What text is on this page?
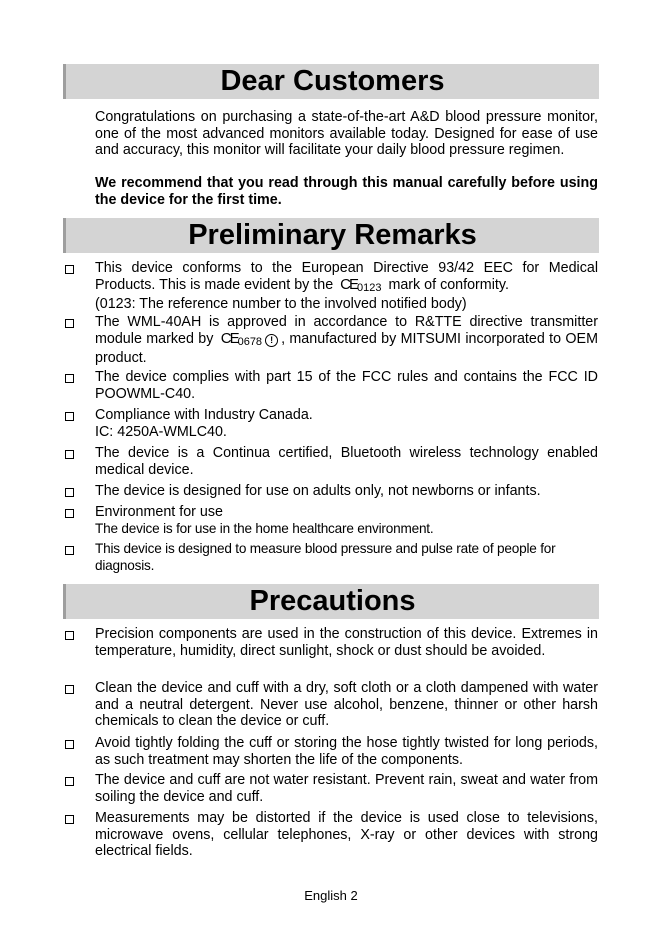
Dear Customers
Congratulations on purchasing a state-of-the-art A&D blood pressure monitor, one of the most advanced monitors available today. Designed for ease of use and accuracy, this monitor will facilitate your daily blood pressure regimen.
We recommend that you read through this manual carefully before using the device for the first time.
Preliminary Remarks
This device conforms to the European Directive 93/42 EEC for Medical Products. This is made evident by the $CE_{0123}$ mark of conformity.
(0123: The reference number to the involved notified body)
The WML-40AH is approved in accordance to R&TTE directive transmitter module marked by $CE_{0678}$ ! , manufactured by MITSUMI incorporated to OEM product.
The device complies with part 15 of the FCC rules and contains the FCC ID POOWML-C40.
Compliance with Industry Canada.
IC: 4250A-WMLC40.
The device is a Continua certified, Bluetooth wireless technology enabled medical device.
The device is designed for use on adults only, not newborns or infants.
Environment for use
The device is for use in the home healthcare environment.
This device is designed to measure blood pressure and pulse rate of people for diagnosis.
Precautions
Precision components are used in the construction of this device. Extremes in temperature, humidity, direct sunlight, shock or dust should be avoided.
Clean the device and cuff with a dry, soft cloth or a cloth dampened with water and a neutral detergent. Never use alcohol, benzene, thinner or other harsh chemicals to clean the device or cuff.
Avoid tightly folding the cuff or storing the hose tightly twisted for long periods, as such treatment may shorten the life of the components.
The device and cuff are not water resistant. Prevent rain, sweat and water from soiling the device and cuff.
Measurements may be distorted if the device is used close to televisions, microwave ovens, cellular telephones, X-ray or other devices with strong electrical fields.
English 2
